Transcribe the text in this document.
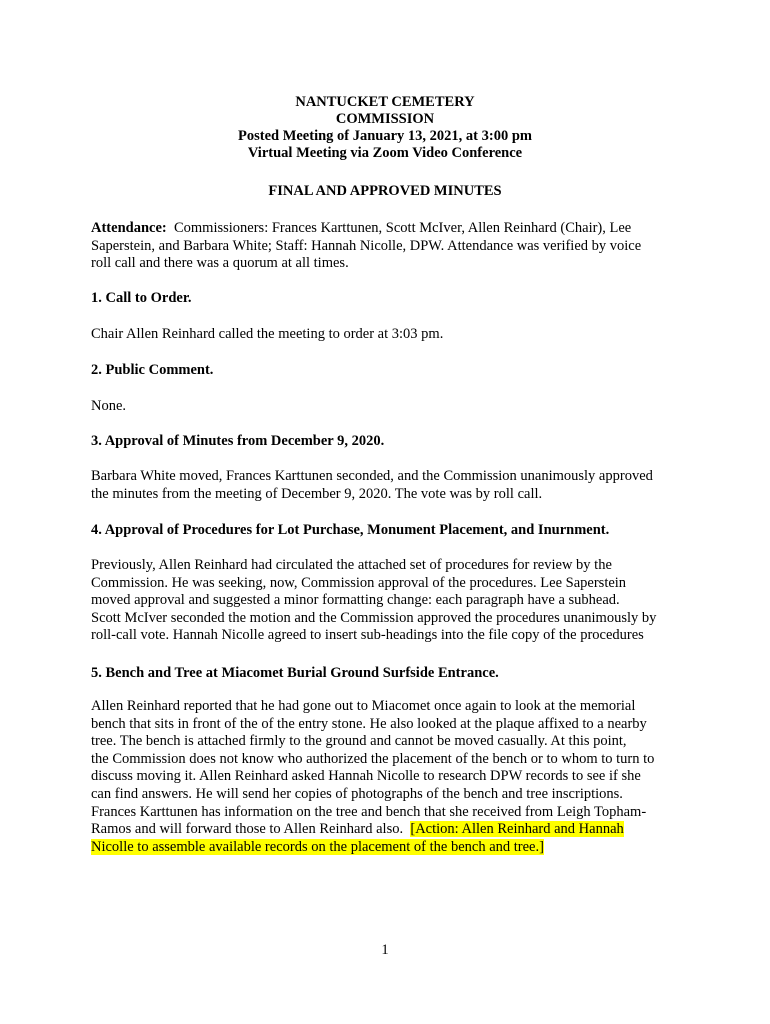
NANTUCKET CEMETERY
COMMISSION
Posted Meeting of January 13, 2021, at 3:00 pm
Virtual Meeting via Zoom Video Conference
FINAL AND APPROVED MINUTES
Attendance:  Commissioners: Frances Karttunen, Scott McIver, Allen Reinhard (Chair), Lee
Saperstein, and Barbara White; Staff: Hannah Nicolle, DPW. Attendance was verified by voice
roll call and there was a quorum at all times.
1. Call to Order.
Chair Allen Reinhard called the meeting to order at 3:03 pm.
2. Public Comment.
None.
3. Approval of Minutes from December 9, 2020.
Barbara White moved, Frances Karttunen seconded, and the Commission unanimously approved
the minutes from the meeting of December 9, 2020. The vote was by roll call.
4. Approval of Procedures for Lot Purchase, Monument Placement, and Inurnment.
Previously, Allen Reinhard had circulated the attached set of procedures for review by the
Commission. He was seeking, now, Commission approval of the procedures. Lee Saperstein
moved approval and suggested a minor formatting change: each paragraph have a subhead.
Scott McIver seconded the motion and the Commission approved the procedures unanimously by
roll-call vote. Hannah Nicolle agreed to insert sub-headings into the file copy of the procedures
5. Bench and Tree at Miacomet Burial Ground Surfside Entrance.
Allen Reinhard reported that he had gone out to Miacomet once again to look at the memorial
bench that sits in front of the of the entry stone. He also looked at the plaque affixed to a nearby
tree. The bench is attached firmly to the ground and cannot be moved casually. At this point,
the Commission does not know who authorized the placement of the bench or to whom to turn to
discuss moving it. Allen Reinhard asked Hannah Nicolle to research DPW records to see if she
can find answers. He will send her copies of photographs of the bench and tree inscriptions.
Frances Karttunen has information on the tree and bench that she received from Leigh Topham-
Ramos and will forward those to Allen Reinhard also.  [Action: Allen Reinhard and Hannah
Nicolle to assemble available records on the placement of the bench and tree.]
1
